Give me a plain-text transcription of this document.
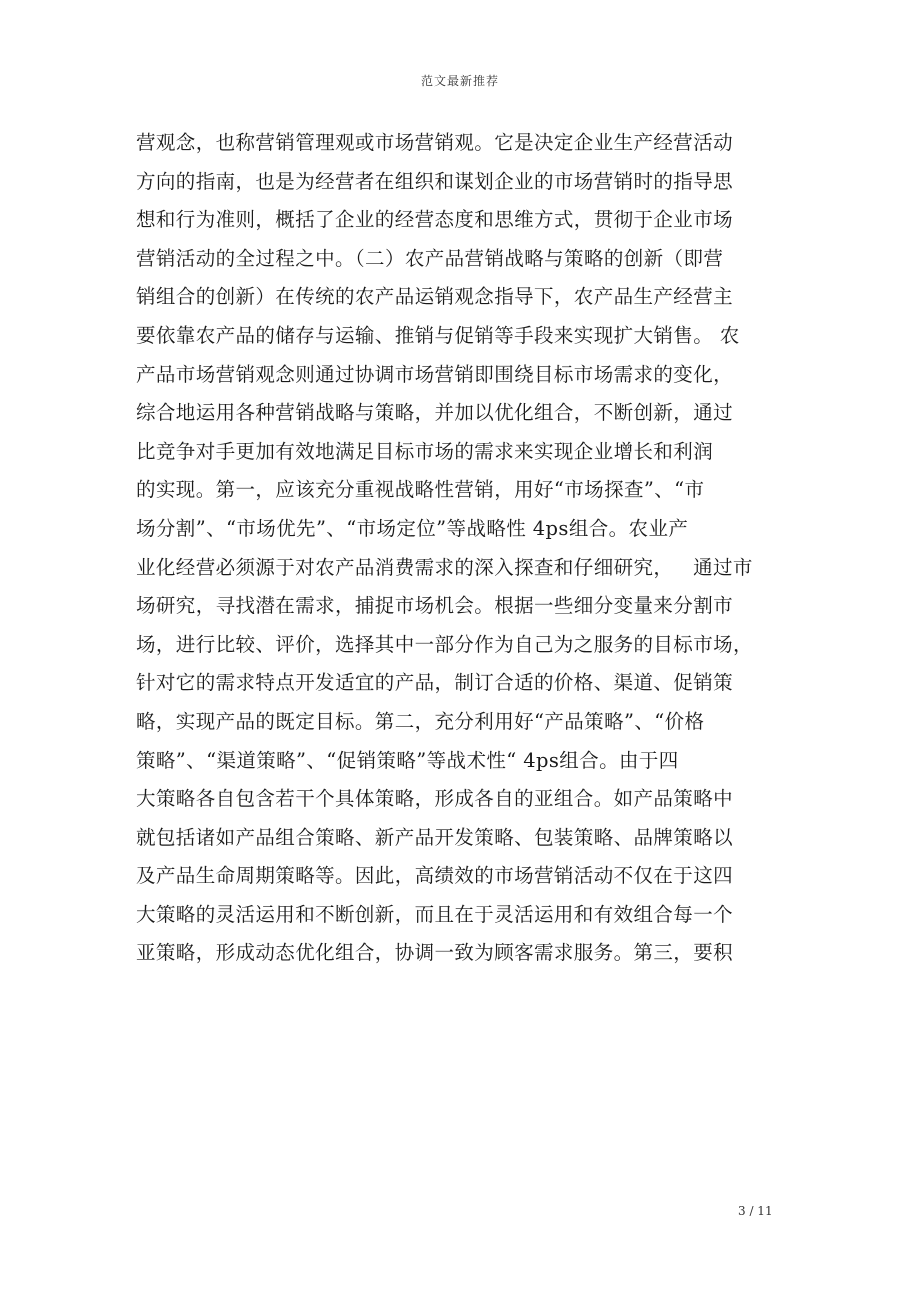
范文最新推荐
营观念，也称营销管理观或市场营销观。它是决定企业生产经营活动
方向的指南，也是为经营者在组织和谋划企业的市场营销时的指导思
想和行为准则，概括了企业的经营态度和思维方式，贯彻于企业市场
营销活动的全过程之中。（二）农产品营销战略与策略的创新（即营
销组合的创新）在传统的农产品运销观念指导下，农产品生产经营主
要依靠农产品的储存与运输、推销与促销等手段来实现扩大销售。 农
产品市场营销观念则通过协调市场营销即围绕目标市场需求的变化，
综合地运用各种营销战略与策略，并加以优化组合，不断创新，通过
比竞争对手更加有效地满足目标市场的需求来实现企业增长和利润
的实现。第一，应该充分重视战略性营销，用好“市场探查”、“市
场分割”、“市场优先”、“市场定位”等战略性 4ps组合。农业产
业化经营必须源于对农产品消费需求的深入探查和仔细研究，   通过市
场研究，寻找潜在需求，捕捉市场机会。根据一些细分变量来分割市
场，进行比较、评价，选择其中一部分作为自己为之服务的目标市场，
针对它的需求特点开发适宜的产品，制订合适的价格、渠道、促销策
略，实现产品的既定目标。第二，充分利用好“产品策略”、“价格
策略”、“渠道策略”、“促销策略”等战术性“ 4ps组合。由于四
大策略各自包含若干个具体策略，形成各自的亚组合。如产品策略中
就包括诸如产品组合策略、新产品开发策略、包装策略、品牌策略以
及产品生命周期策略等。因此，高绩效的市场营销活动不仅在于这四
大策略的灵活运用和不断创新，而且在于灵活运用和有效组合每一个
亚策略，形成动态优化组合，协调一致为顾客需求服务。第三，要积
3 / 11
